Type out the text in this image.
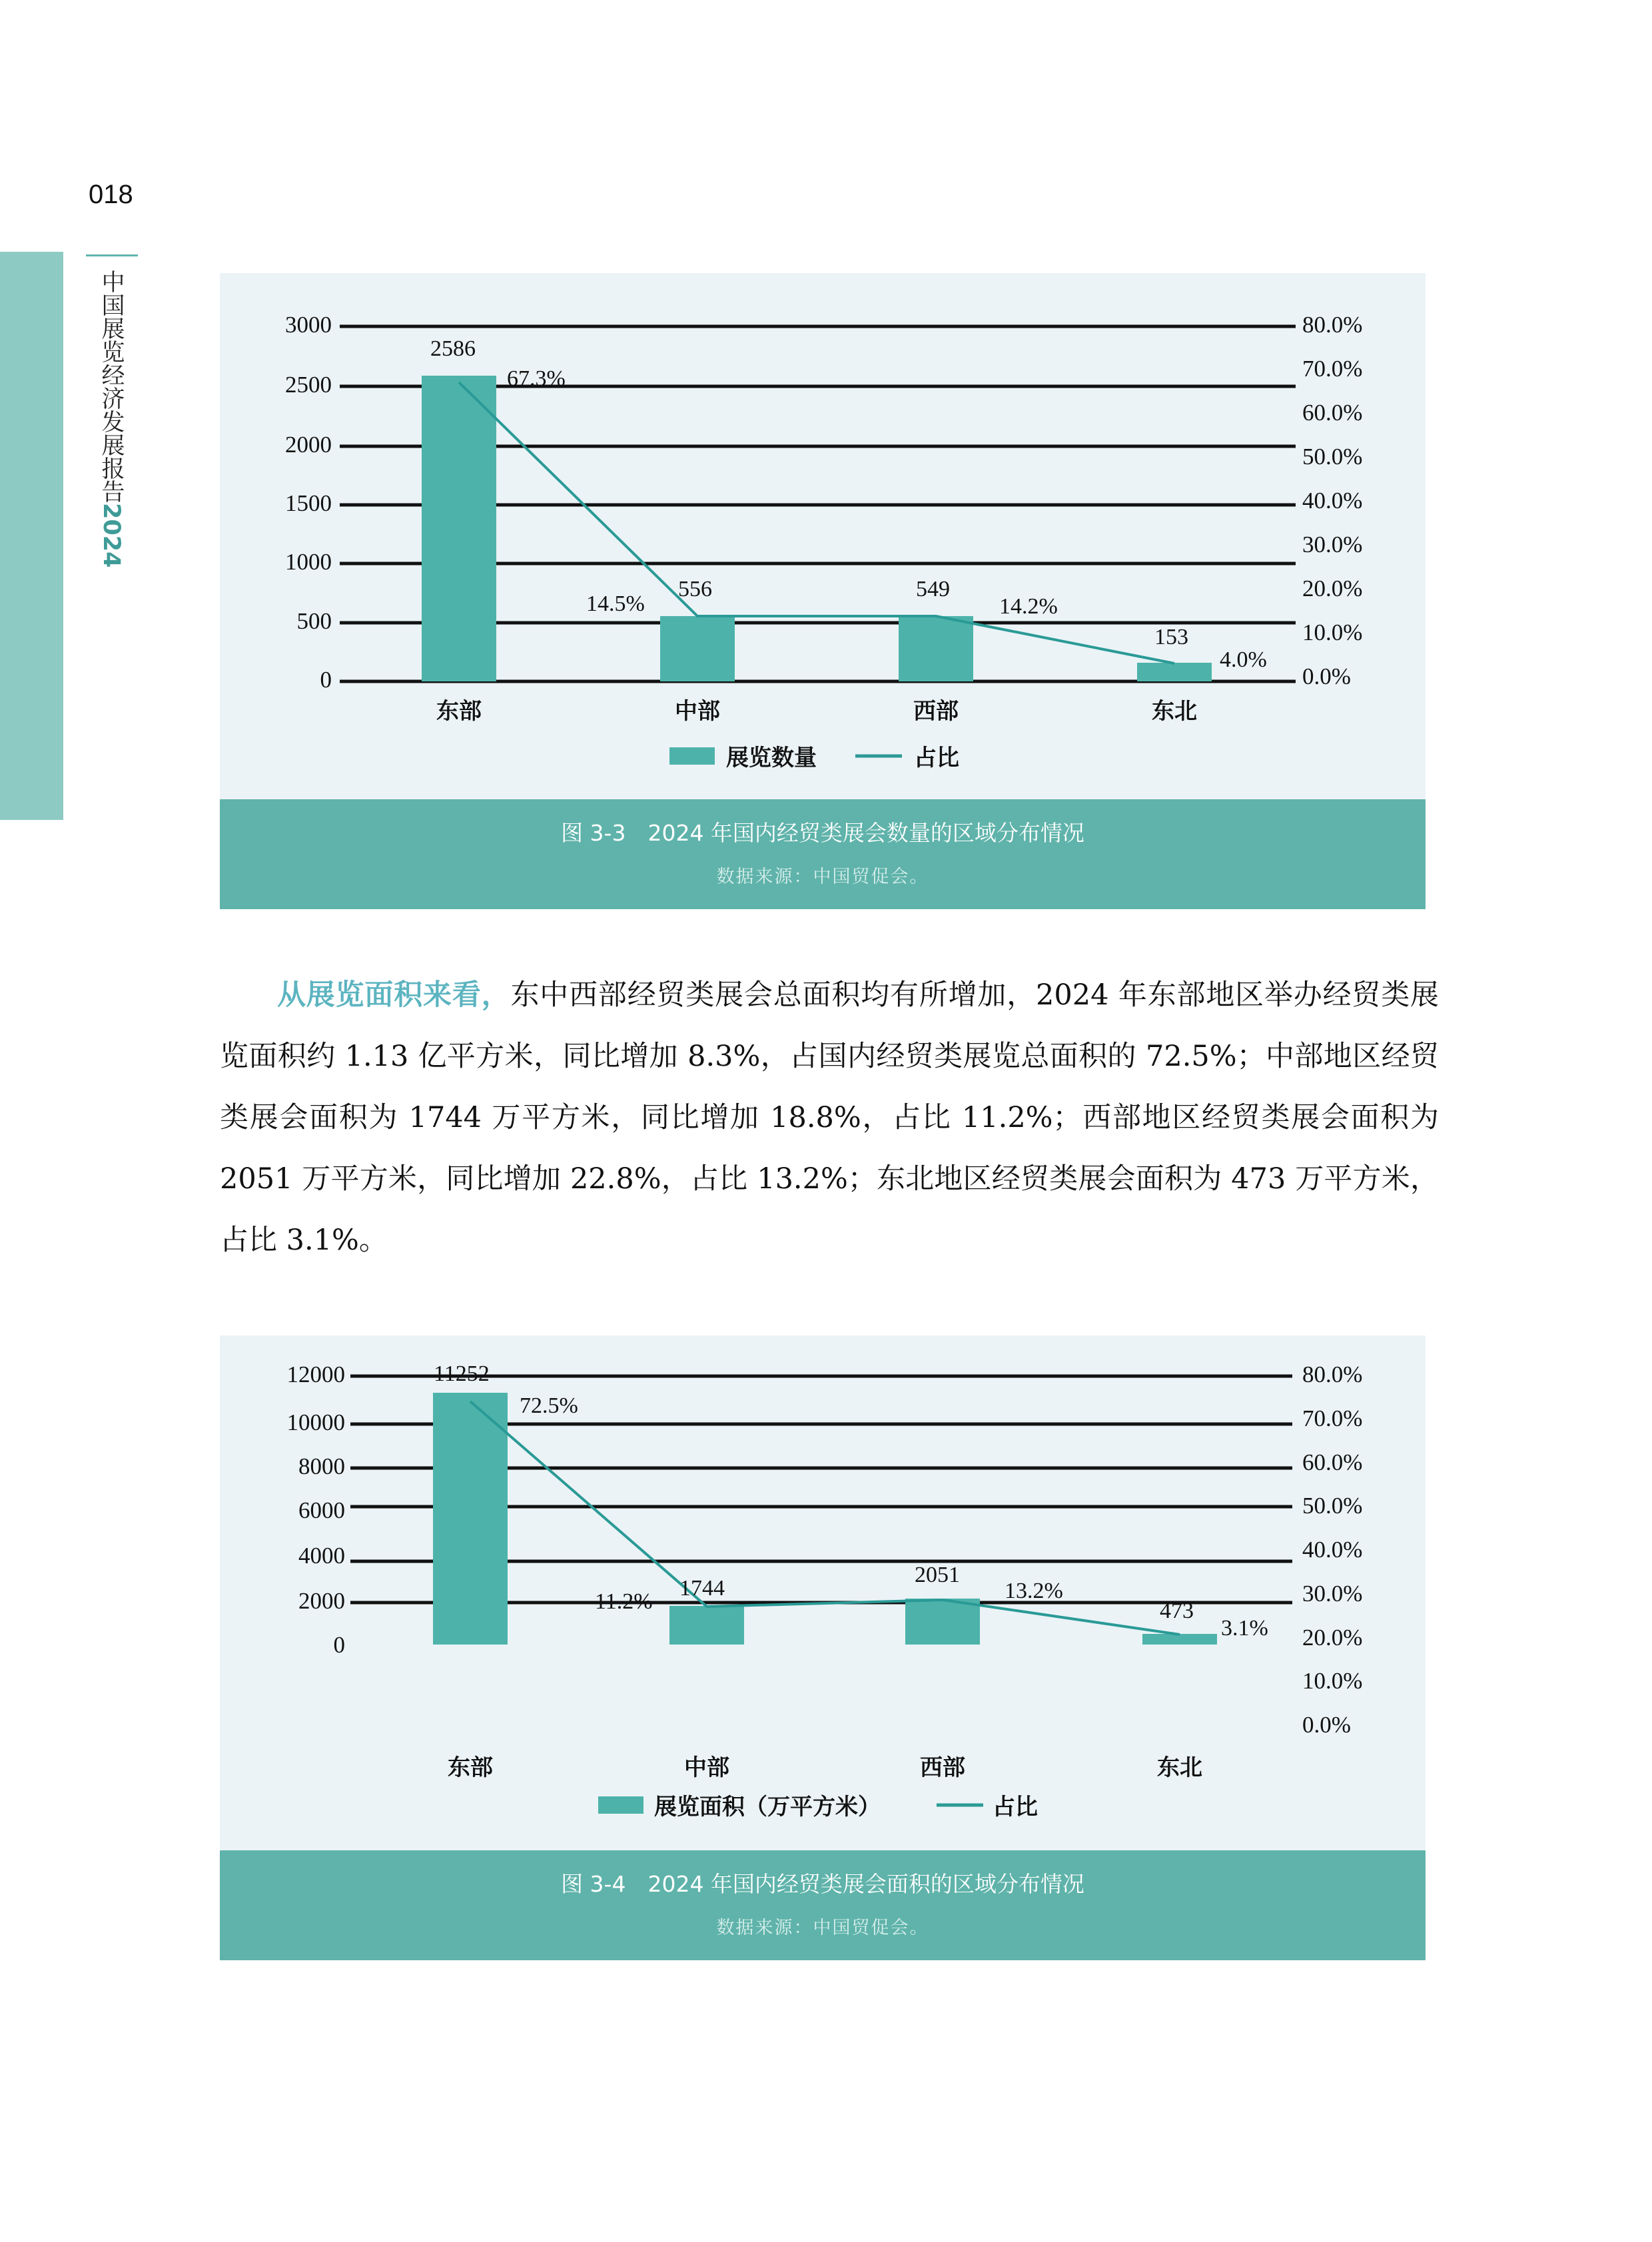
018
中国展览经济发展报告2024
3000
2500
2000
1500
1000
500
0
80.0%
70.0%
60.0%
50.0%
40.0%
30.0%
20.0%
10.0%
0.0%
2586
67.3%
556
14.5%
549
14.2%
153
4.0%
东部	中部	西部	东北
展览数量	占比
图 3-3　2024 年国内经贸类展会数量的区域分布情况
数据来源：中国贸促会。

从展览面积来看，东中西部经贸类展会总面积均有所增加，2024 年东部地区举办经贸类展览面积约 1.13 亿平方米，同比增加 8.3%，占国内经贸类展览总面积的 72.5%；中部地区经贸类展会面积为 1744 万平方米，同比增加 18.8%，占比 11.2%；西部地区经贸类展会面积为 2051 万平方米，同比增加 22.8%，占比 13.2%；东北地区经贸类展会面积为 473 万平方米，占比 3.1%。

12000
10000
8000
6000
4000
2000
0
80.0%
70.0%
60.0%
50.0%
40.0%
30.0%
20.0%
10.0%
0.0%
11252
72.5%
1744
11.2%
2051
13.2%
473
3.1%
东部	中部	西部	东北
展览面积（万平方米）	占比
图 3-4　2024 年国内经贸类展会面积的区域分布情况
数据来源：中国贸促会。
